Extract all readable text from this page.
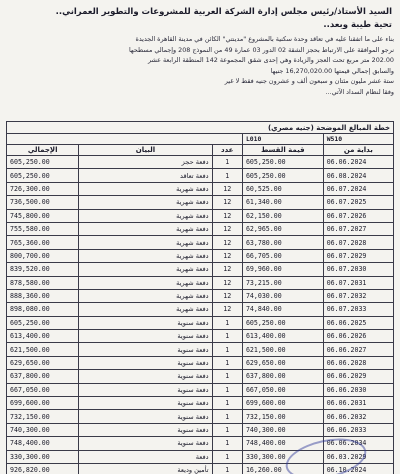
السيد الأستاذ/رئيس مجلس إدارة الشركة العربية للمشروعات والتطوير العمراني..
تحية طيبة وبعد..
بناء على ما اتفقنا عليه في تعاقد وحدة سكنية بالمشروع "مدينتي" الكائن في مدينة القاهرة الجديدة
نرجو الموافقة على الارتباط بحجز الشقة 02 الدور 03 عمارة 49 من النموذج 208 وإجمالي مسطحها
202.00 متر مربع تحت العجز والزيادة وهي إحدى شقق المجموعة 142 المنطقة الرابعة عشر
والسابق إجمالي قيمتها 16,270,020.00 جنيها
ستة عشر مليون مئتان و سبعون ألف و عشرون جنيه فقط لا غير
وفقا لنظام السداد الآتي...
خطة المبالغ الموضحة (جنيه مصري)				
			L010	W510
الإجمالي	البيان	عدد	قيمة القسط	بداية من
605,250.00	دفعة حجز	1	605,250.00	06.06.2024
605,250.00	دفعة تعاقد	1	605,250.00	06.08.2024
726,300.00	دفعة شهرية	12	60,525.00	06.07.2024
736,500.00	دفعة شهرية	12	61,340.00	06.07.2025
745,800.00	دفعة شهرية	12	62,150.00	06.07.2026
755,580.00	دفعة شهرية	12	62,965.00	06.07.2027
765,360.00	دفعة شهرية	12	63,780.00	06.07.2028
800,700.00	دفعة شهرية	12	66,705.00	06.07.2029
839,520.00	دفعة شهرية	12	69,960.00	06.07.2030
878,580.00	دفعة شهرية	12	73,215.00	06.07.2031
888,360.00	دفعة شهرية	12	74,030.00	06.07.2032
898,080.00	دفعة شهرية	12	74,840.00	06.07.2033
605,250.00	دفعة سنوية	1	605,250.00	06.06.2025
613,400.00	دفعة سنوية	1	613,400.00	06.06.2026
621,500.00	دفعة سنوية	1	621,500.00	06.06.2027
629,650.00	دفعة سنوية	1	629,650.00	06.06.2028
637,800.00	دفعة سنوية	1	637,800.00	06.06.2029
667,050.00	دفعة سنوية	1	667,050.00	06.06.2030
699,600.00	دفعة سنوية	1	699,600.00	06.06.2031
732,150.00	دفعة سنوية	1	732,150.00	06.06.2032
740,300.00	دفعة سنوية	1	740,300.00	06.06.2033
748,400.00	دفعة سنوية	1	748,400.00	06.06.2034
330,300.00	دفعة	1	330,300.00	06.03.2029
926,820.00	تأمين وديعة	1	16,260.00	06.10.2024
